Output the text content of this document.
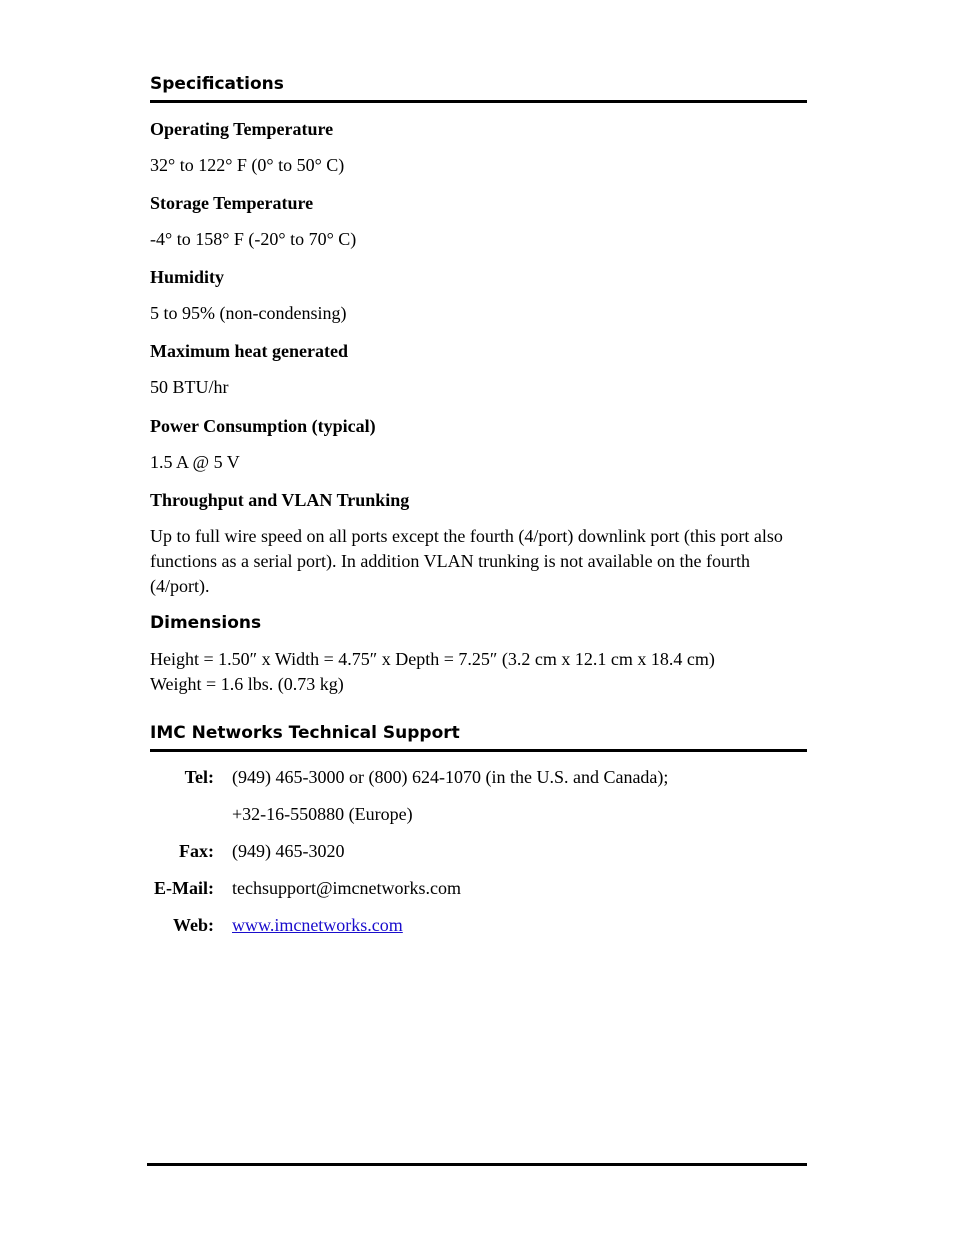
Specifications

Operating Temperature

32° to 122° F (0° to 50° C)

Storage Temperature

-4° to 158° F (-20° to 70° C)

Humidity

5 to 95% (non-condensing)

Maximum heat generated

50 BTU/hr

Power Consumption (typical)

1.5 A @ 5 V

Throughput and VLAN Trunking

Up to full wire speed on all ports except the fourth (4/port) downlink port (this port also functions as a serial port). In addition VLAN trunking is not available on the fourth (4/port).

Dimensions

Height = 1.50″ x Width = 4.75″ x Depth = 7.25″ (3.2 cm x 12.1 cm x 18.4 cm)

Weight = 1.6 lbs. (0.73 kg)

IMC Networks Technical Support
Tel: (949) 465-3000 or (800) 624-1070 (in the U.S. and Canada);
+32-16-550880 (Europe)
Fax: (949) 465-3020
E-Mail: techsupport@imcnetworks.com
Web: www.imcnetworks.com
